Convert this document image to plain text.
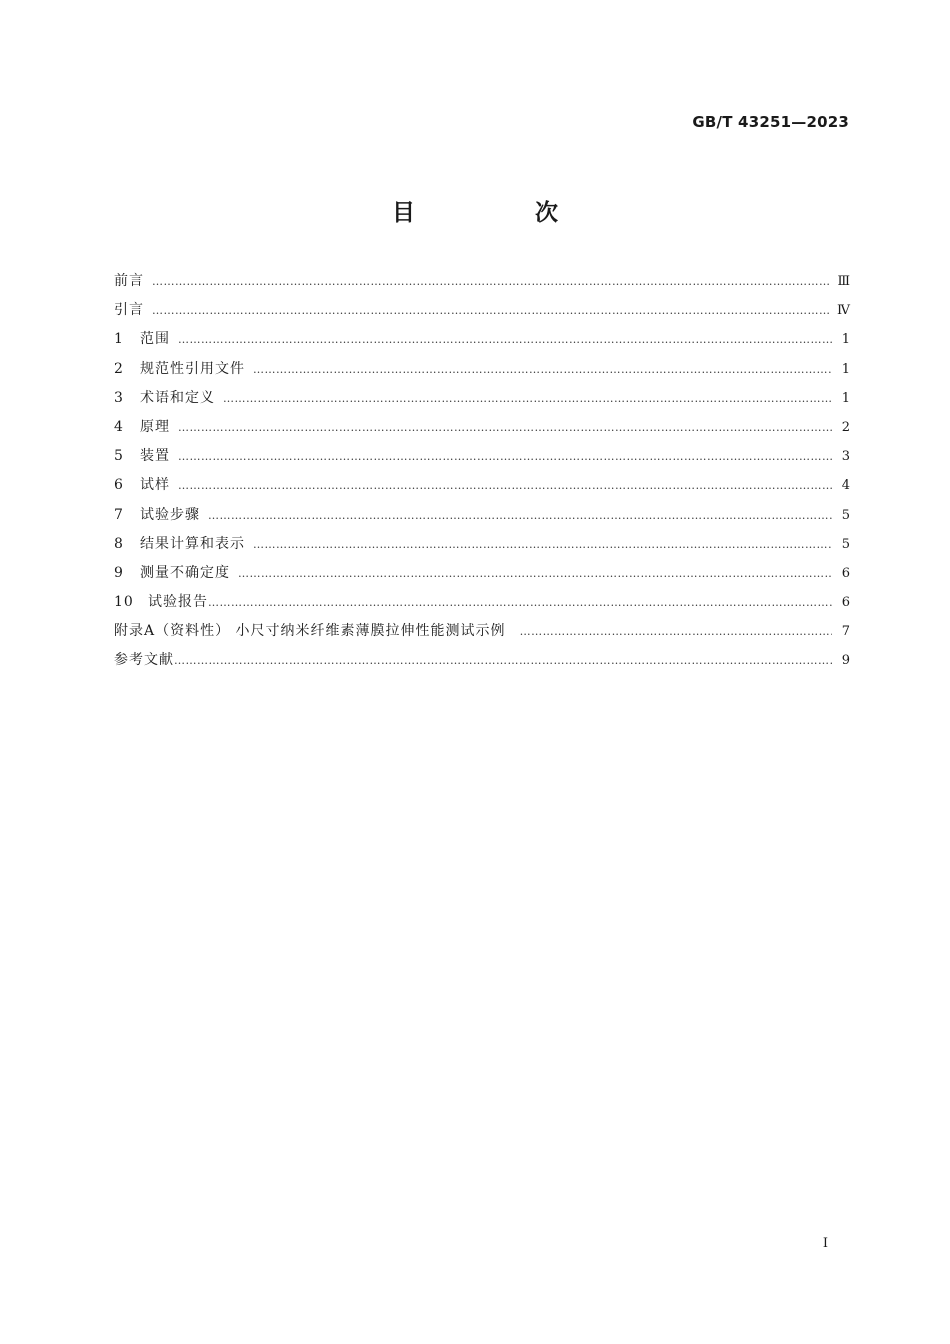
GB/T 43251—2023
目 次
前言 ……………………………………………………………………………………………………………………………………………………………………………………………………	Ⅲ
引言 ……………………………………………………………………………………………………………………………………………………………………………………………………	Ⅳ
1 范围 ……………………………………………………………………………………………………………………………………………………………………………………………………	1
2 规范性引用文件 ……………………………………………………………………………………………………………………………………………………………………………………………………	1
3 术语和定义 ……………………………………………………………………………………………………………………………………………………………………………………………………	1
4 原理 ……………………………………………………………………………………………………………………………………………………………………………………………………	2
5 装置 ……………………………………………………………………………………………………………………………………………………………………………………………………	3
6 试样 ……………………………………………………………………………………………………………………………………………………………………………………………………	4
7 试验步骤 ……………………………………………………………………………………………………………………………………………………………………………………………………	5
8 结果计算和表示 ……………………………………………………………………………………………………………………………………………………………………………………………………	5
9 测量不确定度 ……………………………………………………………………………………………………………………………………………………………………………………………………	6
10 试验报告 ……………………………………………………………………………………………………………………………………………………………………………………………………	6
附录A（资料性） 小尺寸纳米纤维素薄膜拉伸性能测试示例 ……………………………………………………………………………………………………………………………………………………………………………………………………	7
参考文献 ……………………………………………………………………………………………………………………………………………………………………………………………………	9
Ⅰ
